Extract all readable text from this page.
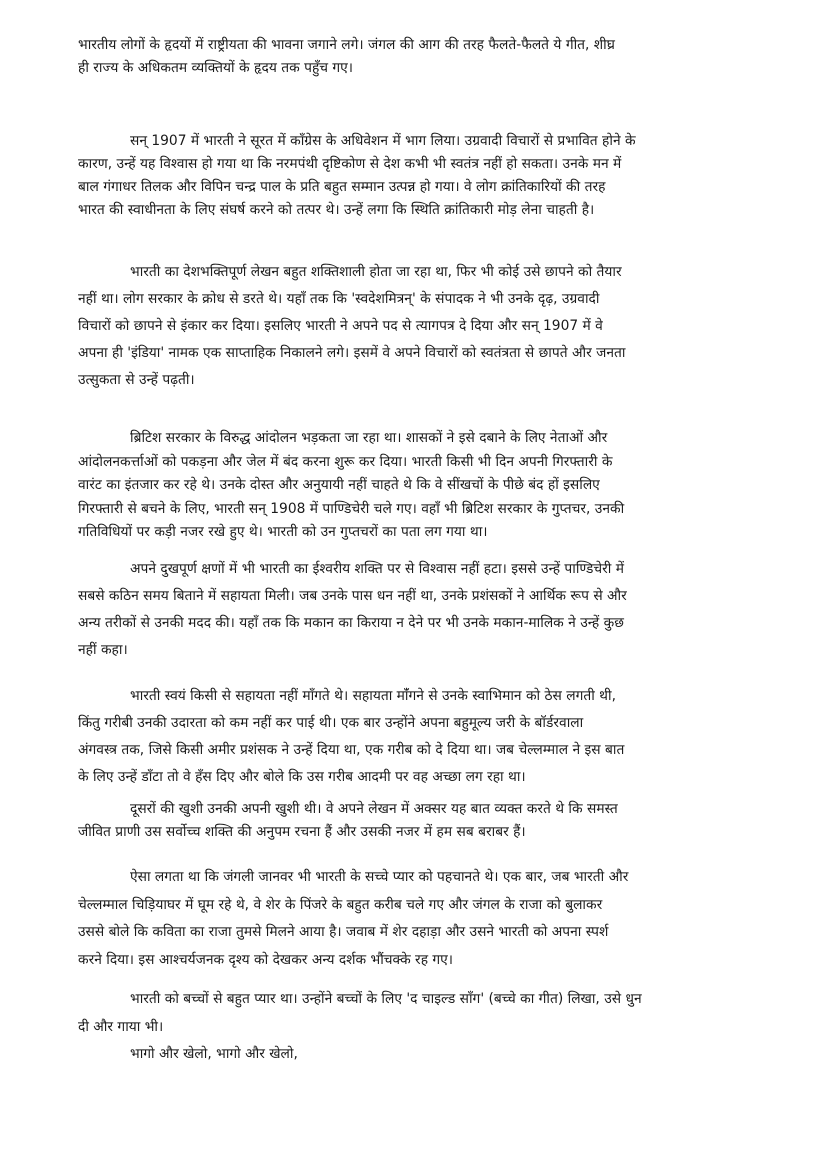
भारतीय लोगों के हृदयों में राष्ट्रीयता की भावना जगाने लगे। जंगल की आग की तरह फैलते-फैलते ये गीत, शीघ्र
ही राज्य के अधिकतम व्यक्तियों के हृदय तक पहुँच गए।
सन् 1907 में भारती ने सूरत में काँग्रेस के अधिवेशन में भाग लिया। उग्रवादी विचारों से प्रभावित होने के
कारण, उन्हें यह विश्वास हो गया था कि नरमपंथी दृष्टिकोण से देश कभी भी स्वतंत्र नहीं हो सकता। उनके मन में
बाल गंगाधर तिलक और विपिन चन्द्र पाल के प्रति बहुत सम्मान उत्पन्न हो गया। वे लोग क्रांतिकारियों की तरह
भारत की स्वाधीनता के लिए संघर्ष करने को तत्पर थे। उन्हें लगा कि स्थिति क्रांतिकारी मोड़ लेना चाहती है।
भारती का देशभक्तिपूर्ण लेखन बहुत शक्तिशाली होता जा रहा था, फिर भी कोई उसे छापने को तैयार
नहीं था। लोग सरकार के क्रोध से डरते थे। यहाँ तक कि 'स्वदेशमित्रन्' के संपादक ने भी उनके दृढ़, उग्रवादी
विचारों को छापने से इंकार कर दिया। इसलिए भारती ने अपने पद से त्यागपत्र दे दिया और सन् 1907 में वे
अपना ही 'इंडिया' नामक एक साप्ताहिक निकालने लगे। इसमें वे अपने विचारों को स्वतंत्रता से छापते और जनता
उत्सुकता से उन्हें पढ़ती।
ब्रिटिश सरकार के विरुद्ध आंदोलन भड़कता जा रहा था। शासकों ने इसे दबाने के लिए नेताओं और
आंदोलनकर्त्ताओं को पकड़ना और जेल में बंद करना शुरू कर दिया। भारती किसी भी दिन अपनी गिरफ्तारी के
वारंट का इंतजार कर रहे थे। उनके दोस्त और अनुयायी नहीं चाहते थे कि वे सींखचों के पीछे बंद हों इसलिए
गिरफ्तारी से बचने के लिए, भारती सन् 1908 में पाण्डिचेरी चले गए। वहाँ भी ब्रिटिश सरकार के गुप्तचर, उनकी
गतिविधियों पर कड़ी नजर रखे हुए थे। भारती को उन गुप्तचरों का पता लग गया था।
अपने दुखपूर्ण क्षणों में भी भारती का ईश्वरीय शक्ति पर से विश्वास नहीं हटा। इससे उन्हें पाण्डिचेरी में
सबसे कठिन समय बिताने में सहायता मिली। जब उनके पास धन नहीं था, उनके प्रशंसकों ने आर्थिक रूप से और
अन्य तरीकों से उनकी मदद की। यहाँ तक कि मकान का किराया न देने पर भी उनके मकान-मालिक ने उन्हें कुछ
नहीं कहा।
भारती स्वयं किसी से सहायता नहीं माँगते थे। सहायता माँंगने से उनके स्वाभिमान को ठेस लगती थी,
किंतु गरीबी उनकी उदारता को कम नहीं कर पाई थी। एक बार उन्होंने अपना बहुमूल्य जरी के बॉर्डरवाला
अंगवस्त्र तक, जिसे किसी अमीर प्रशंसक ने उन्हें दिया था, एक गरीब को दे दिया था। जब चेल्लम्माल ने इस बात
के लिए उन्हें डाँटा तो वे हँस दिए और बोले कि उस गरीब आदमी पर वह अच्छा लग रहा था।
दूसरों की खुशी उनकी अपनी खुशी थी। वे अपने लेखन में अक्सर यह बात व्यक्त करते थे कि समस्त
जीवित प्राणी उस सर्वोच्च शक्ति की अनुपम रचना हैं और उसकी नजर में हम सब बराबर हैं।
ऐसा लगता था कि जंगली जानवर भी भारती के सच्चे प्यार को पहचानते थे। एक बार, जब भारती और
चेल्लम्माल चिड़ियाघर में घूम रहे थे, वे शेर के पिंजरे के बहुत करीब चले गए और जंगल के राजा को बुलाकर
उससे बोले कि कविता का राजा तुमसे मिलने आया है। जवाब में शेर दहाड़ा और उसने भारती को अपना स्पर्श
करने दिया। इस आश्चर्यजनक दृश्य को देखकर अन्य दर्शक भौंचक्के रह गए।
भारती को बच्चों से बहुत प्यार था। उन्होंने बच्चों के लिए 'द चाइल्ड साँग' (बच्चे का गीत) लिखा, उसे धुन
दी और गाया भी।
भागो और खेलो, भागो और खेलो,
